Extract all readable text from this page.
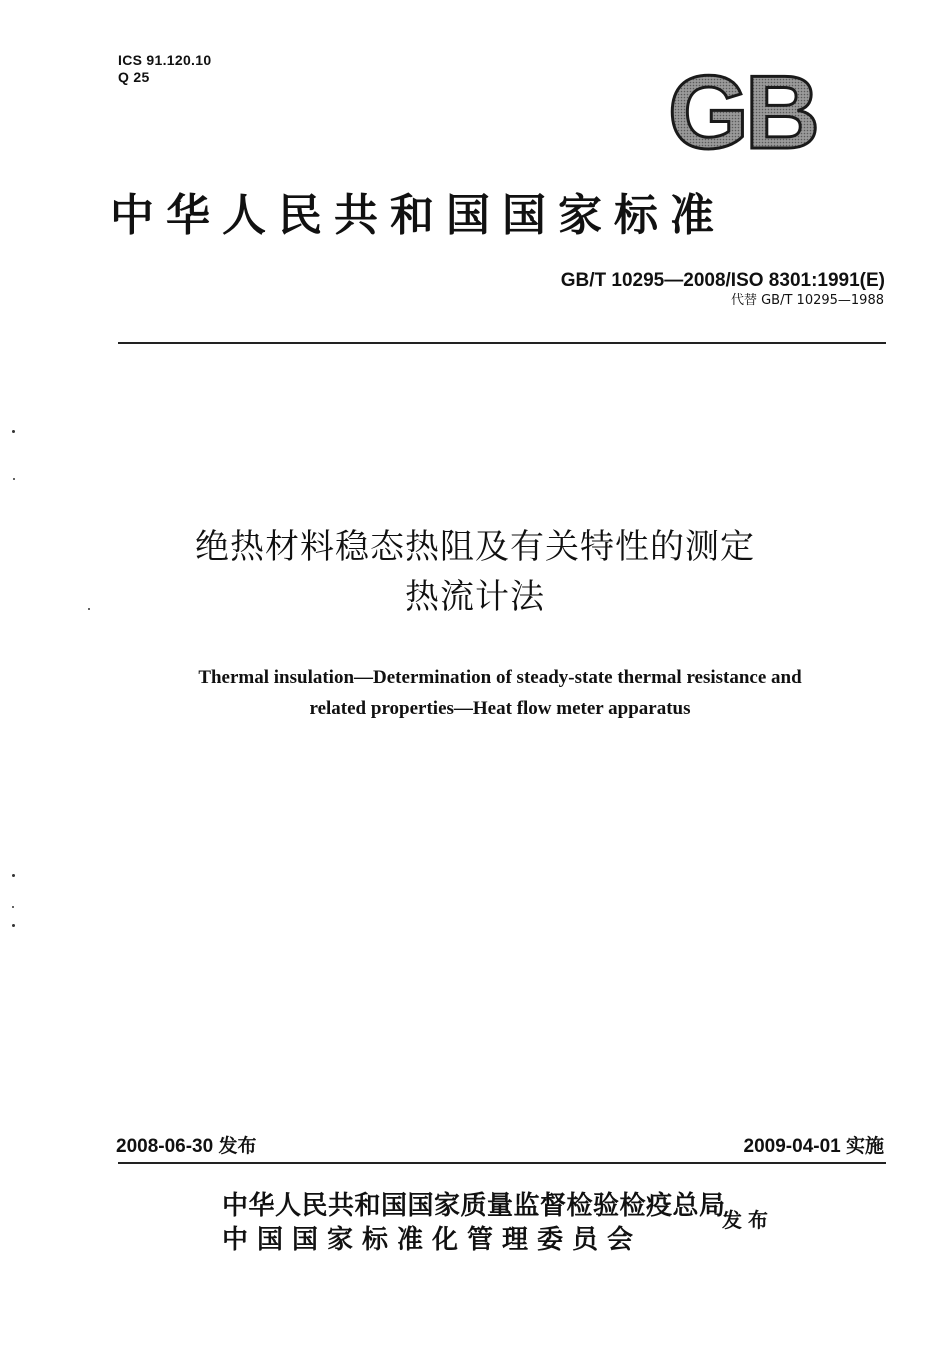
ICS 91.120.10
Q 25	GB
中华人民共和国国家标准
GB/T 10295—2008/ISO 8301:1991(E)
代替 GB/T 10295—1988
绝热材料稳态热阻及有关特性的测定
热流计法
Thermal insulation—Determination of steady-state thermal resistance and
related properties—Heat flow meter apparatus
2008-06-30 发布	2009-04-01 实施
中华人民共和国国家质量监督检验检疫总局
中国国家标准化管理委员会
发布
